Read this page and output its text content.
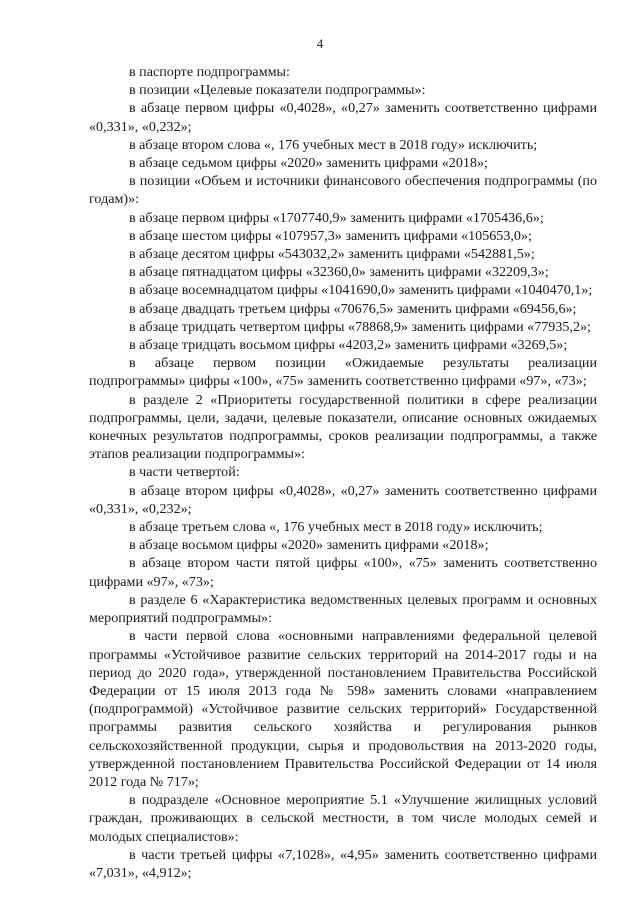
4

в паспорте подпрограммы:

в позиции «Целевые показатели подпрограммы»:

в абзаце первом цифры «0,4028», «0,27» заменить соответственно цифрами «0,331», «0,232»;

в абзаце втором слова «, 176 учебных мест в 2018 году» исключить;

в абзаце седьмом цифры «2020» заменить цифрами «2018»;

в позиции «Объем и источники финансового обеспечения подпрограммы (по годам)»:

в абзаце первом цифры «1707740,9» заменить цифрами «1705436,6»;

в абзаце шестом цифры «107957,3» заменить цифрами «105653,0»;

в абзаце десятом цифры «543032,2» заменить цифрами «542881,5»;

в абзаце пятнадцатом цифры «32360,0» заменить цифрами «32209,3»;

в абзаце восемнадцатом цифры «1041690,0» заменить цифрами «1040470,1»;

в абзаце двадцать третьем цифры «70676,5» заменить цифрами «69456,6»;

в абзаце тридцать четвертом цифры «78868,9» заменить цифрами «77935,2»;

в абзаце тридцать восьмом цифры «4203,2» заменить цифрами «3269,5»;

в абзаце первом позиции «Ожидаемые результаты реализации подпрограммы» цифры «100», «75» заменить соответственно цифрами «97», «73»;

в разделе 2 «Приоритеты государственной политики в сфере реализации подпрограммы, цели, задачи, целевые показатели, описание основных ожидаемых конечных результатов подпрограммы, сроков реализации подпрограммы, а также этапов реализации подпрограммы»:

в части четвертой:

в абзаце втором цифры «0,4028», «0,27» заменить соответственно цифрами «0,331», «0,232»;

в абзаце третьем слова «, 176 учебных мест в 2018 году» исключить;

в абзаце восьмом цифры «2020» заменить цифрами «2018»;

в абзаце втором части пятой цифры «100», «75» заменить соответственно цифрами «97», «73»;

в разделе 6 «Характеристика ведомственных целевых программ и основных мероприятий подпрограммы»:

в части первой слова «основными направлениями федеральной целевой программы «Устойчивое развитие сельских территорий на 2014-2017 годы и на период до 2020 года», утвержденной постановлением Правительства Российской Федерации от 15 июля 2013 года № 598» заменить словами «направлением (подпрограммой) «Устойчивое развитие сельских территорий» Государственной программы развития сельского хозяйства и регулирования рынков сельскохозяйственной продукции, сырья и продовольствия на 2013-2020 годы, утвержденной постановлением Правительства Российской Федерации от 14 июля 2012 года № 717»;

в подразделе «Основное мероприятие 5.1 «Улучшение жилищных условий граждан, проживающих в сельской местности, в том числе молодых семей и молодых специалистов»:

в части третьей цифры «7,1028», «4,95» заменить соответственно цифрами «7,031», «4,912»;
